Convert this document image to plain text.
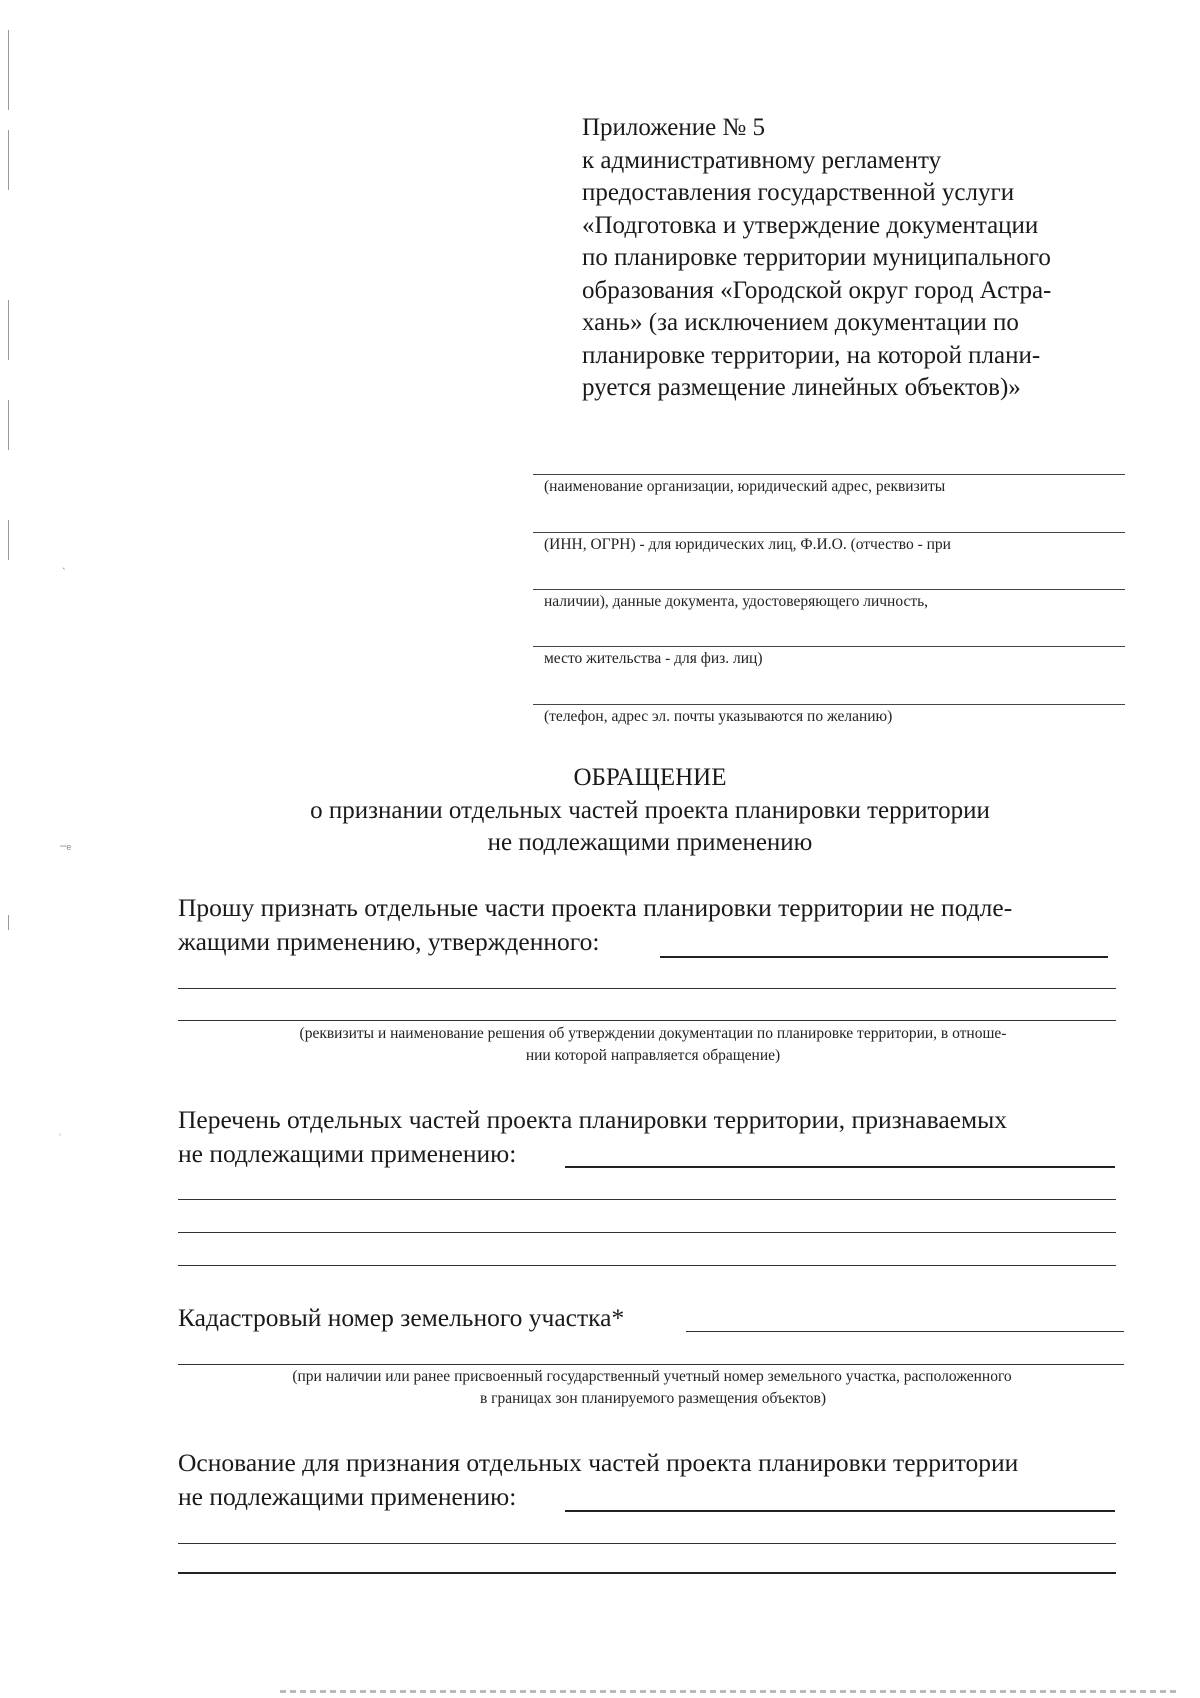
ˎ
–ₑ
˒
Приложение № 5
к административному регламенту
предоставления государственной услуги
«Подготовка и утверждение документации
по планировке территории муниципального
образования «Городской округ город Астра-
хань» (за исключением документации по
планировке территории, на которой плани-
руется размещение линейных объектов)»
(наименование организации, юридический адрес, реквизиты
(ИНН, ОГРН) - для юридических лиц, Ф.И.О. (отчество - при
наличии), данные документа, удостоверяющего личность,
место жительства - для физ. лиц)
(телефон, адрес эл. почты указываются по желанию)
ОБРАЩЕНИЕ
о признании отдельных частей проекта планировки территории
не подлежащими применению
Прошу признать отдельные части проекта планировки территории не подле-
жащими применению, утвержденного:
(реквизиты и наименование решения об утверждении документации по планировке территории, в отноше-
нии которой направляется обращение)
Перечень отдельных частей проекта планировки территории, признаваемых
не подлежащими применению:
Кадастровый номер земельного участка*
(при наличии или ранее присвоенный государственный учетный номер земельного участка, расположенного
в границах зон планируемого размещения объектов)
Основание для признания отдельных частей проекта планировки территории
не подлежащими применению:
